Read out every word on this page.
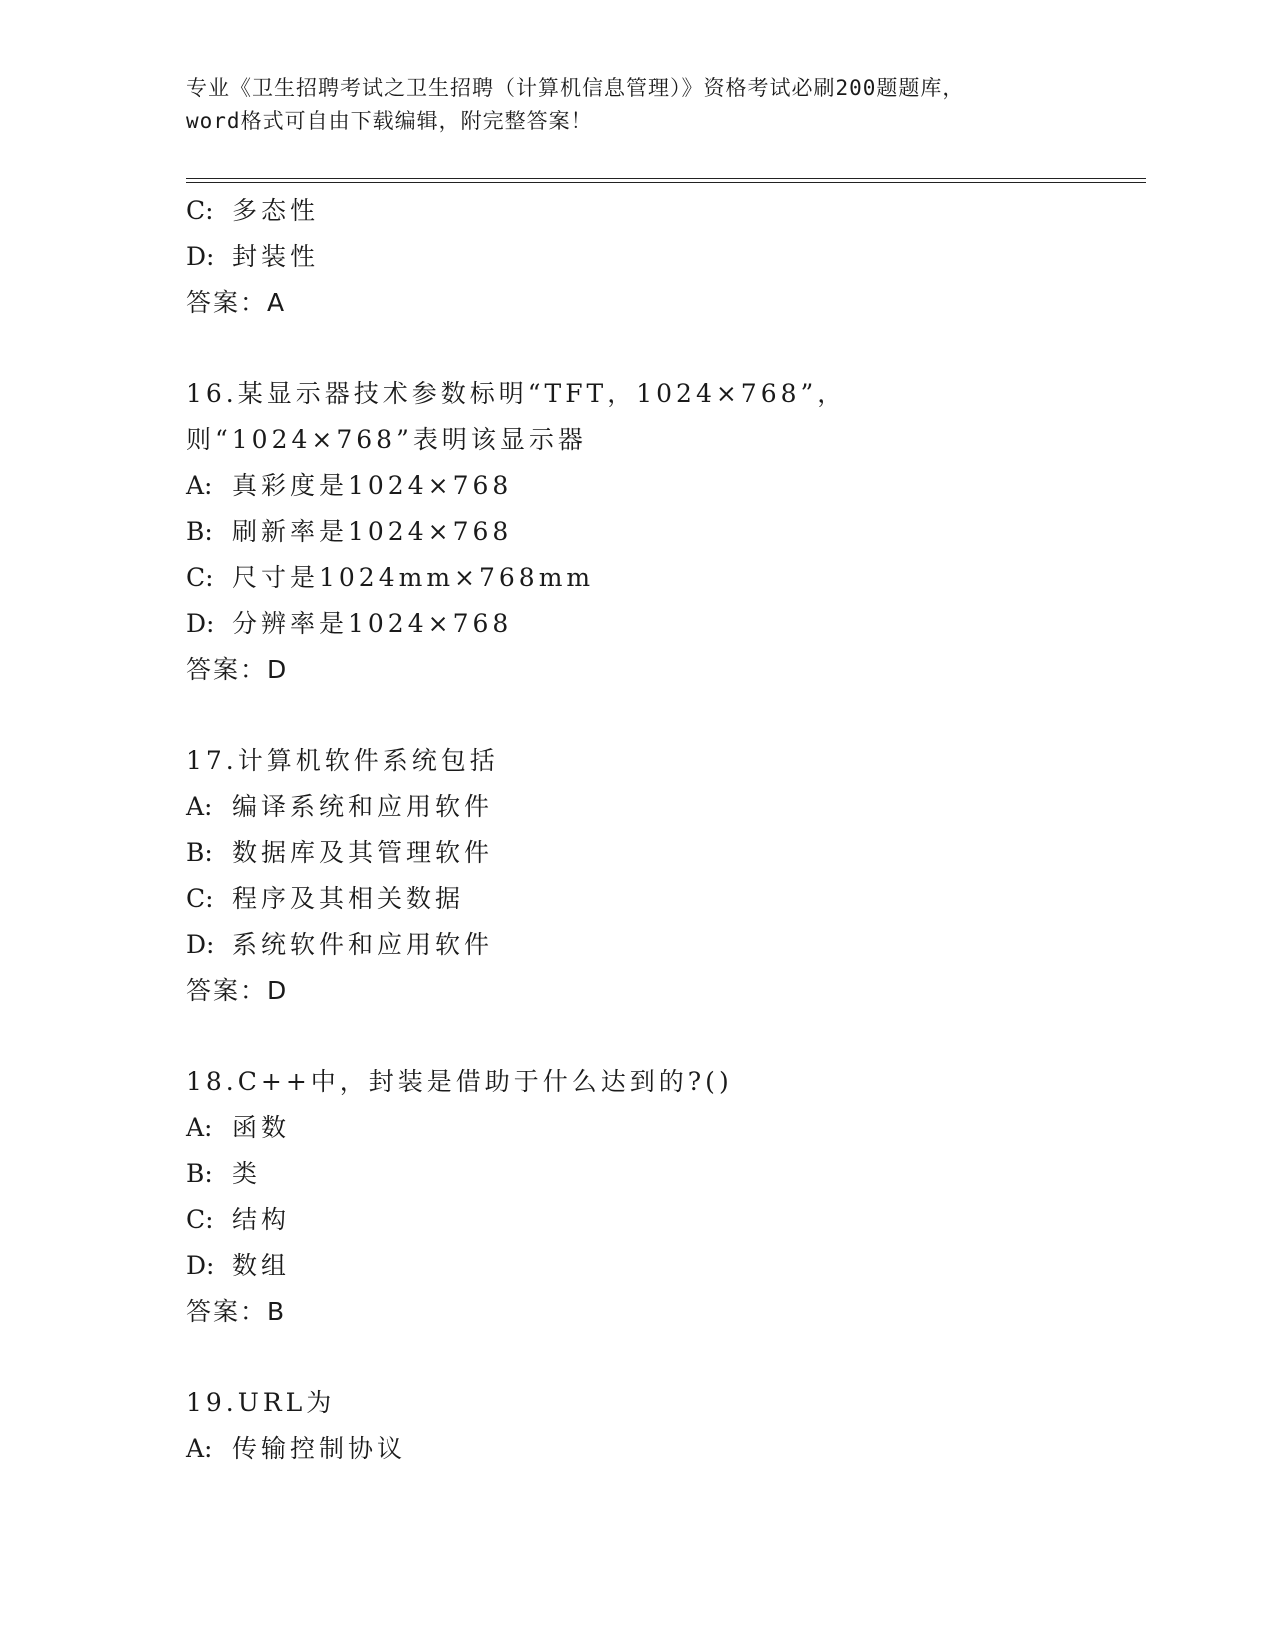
专业《卫生招聘考试之卫生招聘（计算机信息管理）》资格考试必刷200题题库，
word格式可自由下载编辑，附完整答案！
C: 多态性
D: 封装性
答案：A
16.某显示器技术参数标明“TFT，1024×768”，则“1024×768”表明该显示器
A: 真彩度是1024×768
B: 刷新率是1024×768
C: 尺寸是1024mm×768mm
D: 分辨率是1024×768
答案：D
17.计算机软件系统包括
A: 编译系统和应用软件
B: 数据库及其管理软件
C: 程序及其相关数据
D: 系统软件和应用软件
答案：D
18.C++中，封装是借助于什么达到的?()
A: 函数
B: 类
C: 结构
D: 数组
答案：B
19.URL为
A: 传输控制协议
